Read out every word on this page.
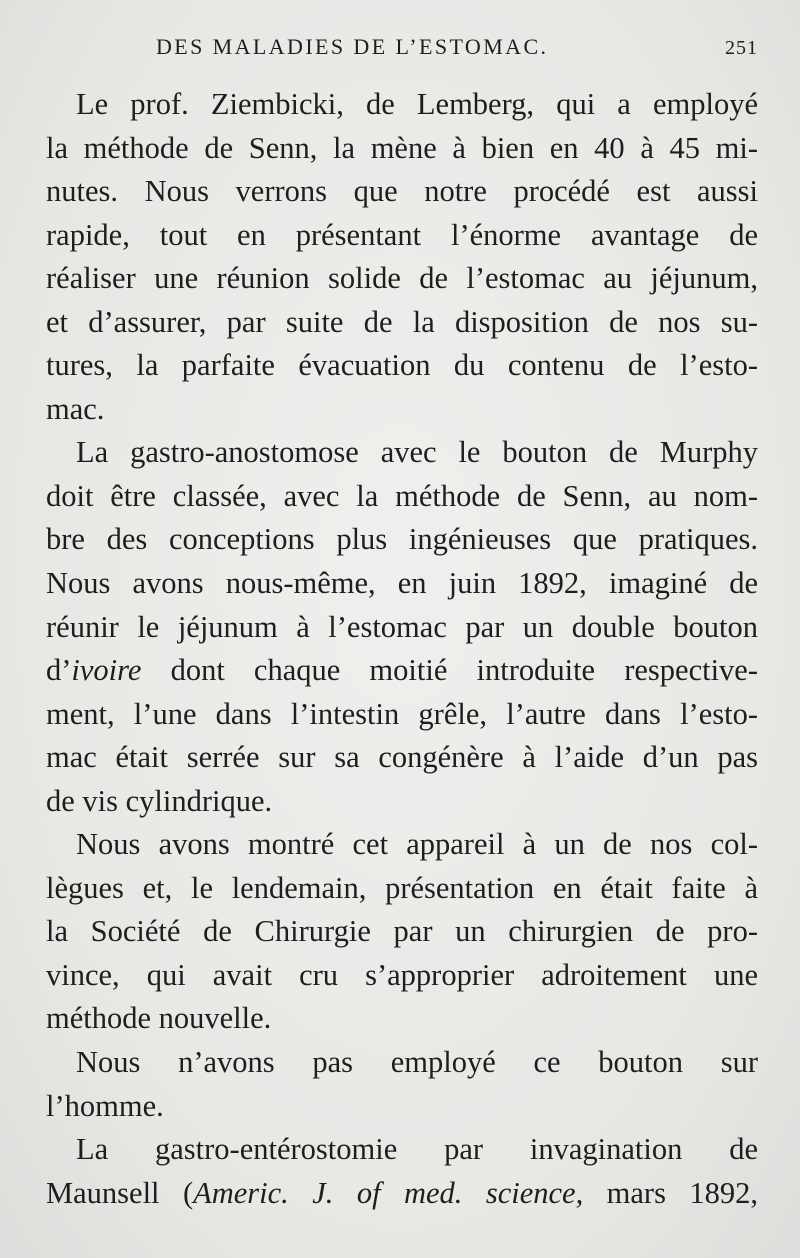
DES MALADIES DE L’ESTOMAC.	251
Le prof. Ziembicki, de Lemberg, qui a employé
la méthode de Senn, la mène à bien en 40 à 45 mi-
nutes. Nous verrons que notre procédé est aussi
rapide, tout en présentant l’énorme avantage de
réaliser une réunion solide de l’estomac au jéjunum,
et d’assurer, par suite de la disposition de nos su-
tures, la parfaite évacuation du contenu de l’esto-
mac.
La gastro-anostomose avec le bouton de Murphy
doit être classée, avec la méthode de Senn, au nom-
bre des conceptions plus ingénieuses que pratiques.
Nous avons nous-même, en juin 1892, imaginé de
réunir le jéjunum à l’estomac par un double bouton
d’ivoire dont chaque moitié introduite respective-
ment, l’une dans l’intestin grêle, l’autre dans l’esto-
mac était serrée sur sa congénère à l’aide d’un pas
de vis cylindrique.
Nous avons montré cet appareil à un de nos col-
lègues et, le lendemain, présentation en était faite à
la Société de Chirurgie par un chirurgien de pro-
vince, qui avait cru s’approprier adroitement une
méthode nouvelle.
Nous n’avons pas employé ce bouton sur
l’homme.
La gastro-entérostomie par invagination de
Maunsell (Americ. J. of med. science, mars 1892,
